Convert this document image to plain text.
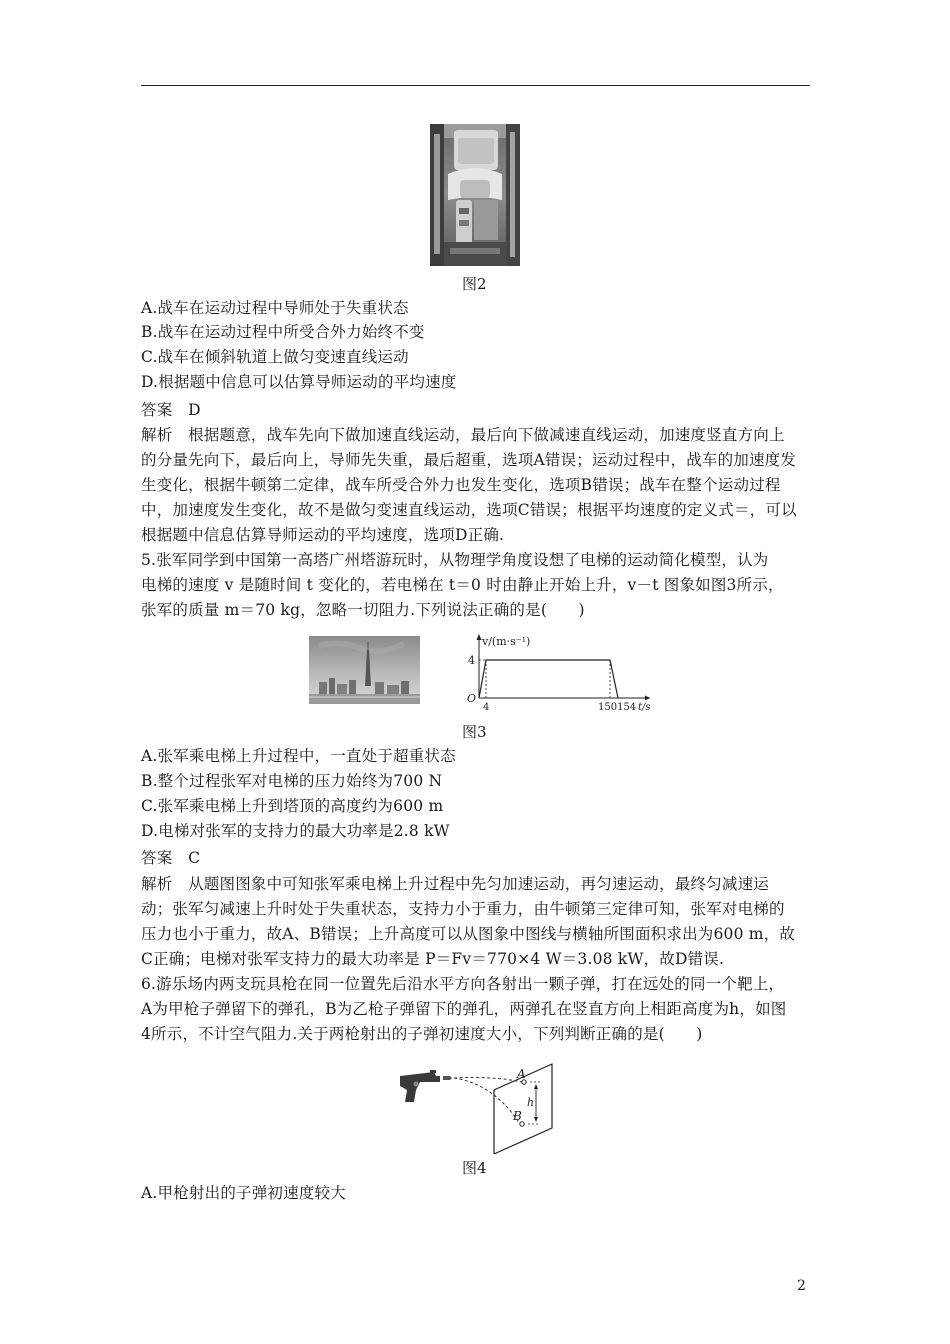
图2
A.战车在运动过程中导师处于失重状态
B.战车在运动过程中所受合外力始终不变
C.战车在倾斜轨道上做匀变速直线运动
D.根据题中信息可以估算导师运动的平均速度
答案　D
解析　根据题意，战车先向下做加速直线运动，最后向下做减速直线运动，加速度竖直方向上
的分量先向下，最后向上，导师先失重，最后超重，选项A错误；运动过程中，战车的加速度发
生变化，根据牛顿第二定律，战车所受合外力也发生变化，选项B错误；战车在整个运动过程
中，加速度发生变化，故不是做匀变速直线运动，选项C错误；根据平均速度的定义式＝，可以
根据题中信息估算导师运动的平均速度，选项D正确.
5.张军同学到中国第一高塔广州塔游玩时，从物理学角度设想了电梯的运动简化模型，认为
电梯的速度 v 是随时间 t 变化的，若电梯在 t＝0 时由静止开始上升，v－t 图象如图3所示，
张军的质量 m＝70 kg，忽略一切阻力.下列说法正确的是(　　)
v/(m·s⁻¹)
4
O
4	150154 t/s
图3
A.张军乘电梯上升过程中，一直处于超重状态
B.整个过程张军对电梯的压力始终为700 N
C.张军乘电梯上升到塔顶的高度约为600 m
D.电梯对张军的支持力的最大功率是2.8 kW
答案　C
解析　从题图图象中可知张军乘电梯上升过程中先匀加速运动，再匀速运动，最终匀减速运
动；张军匀减速上升时处于失重状态，支持力小于重力，由牛顿第三定律可知，张军对电梯的
压力也小于重力，故A、B错误；上升高度可以从图象中图线与横轴所围面积求出为600 m，故
C正确；电梯对张军支持力的最大功率是 P＝Fv＝770×4 W＝3.08 kW，故D错误.
6.游乐场内两支玩具枪在同一位置先后沿水平方向各射出一颗子弹，打在远处的同一个靶上，
A为甲枪子弹留下的弹孔，B为乙枪子弹留下的弹孔，两弹孔在竖直方向上相距高度为h，如图
4所示，不计空气阻力.关于两枪射出的子弹初速度大小，下列判断正确的是(　　)
A
B
h
图4
A.甲枪射出的子弹初速度较大
2
